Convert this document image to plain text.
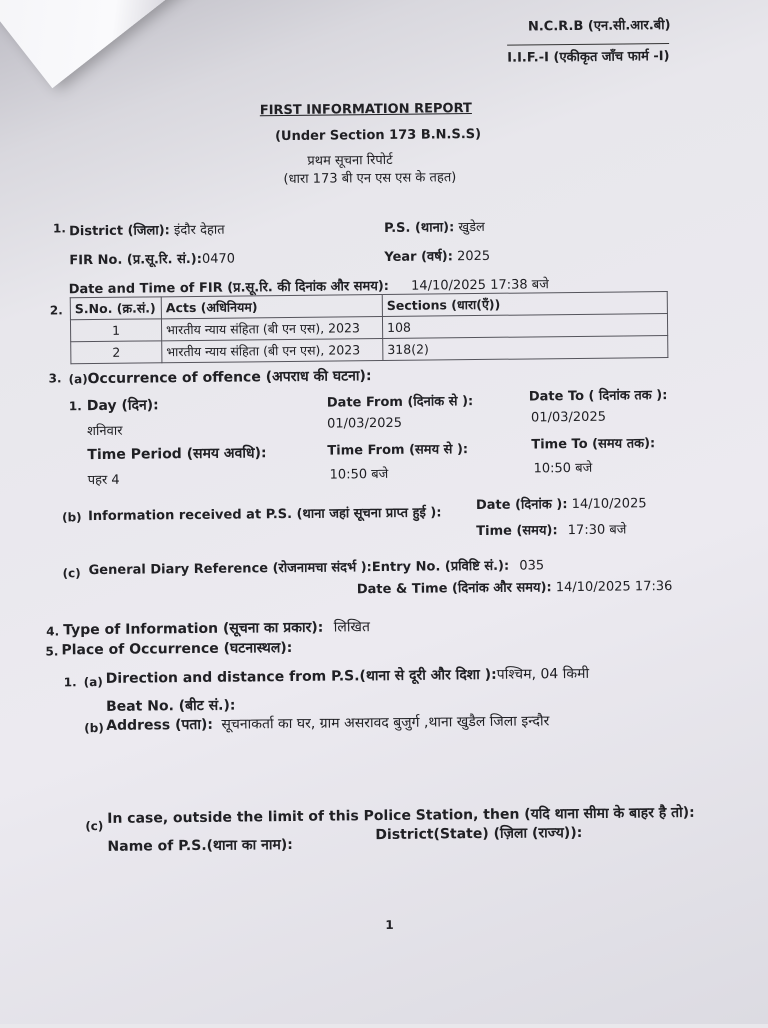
N.C.R.B (एन.सी.आर.बी)
I.I.F.-I (एकीकृत जाँच फार्म -I)
FIRST INFORMATION REPORT
(Under Section 173 B.N.S.S)
प्रथम सूचना रिपोर्ट
(धारा 173 बी एन एस एस के तहत)
1. District (जिला): इंदौर देहात	P.S. (थाना): खुडेल
FIR No. (प्र.सू.रि. सं.):0470	Year (वर्ष): 2025
Date and Time of FIR (प्र.सू.रि. की दिनांक और समय): 14/10/2025 17:38 बजे
2. S.No. (क्र.सं.)	Acts (अधिनियम)	Sections (धारा(एँ))
1	भारतीय न्याय संहिता (बी एन एस), 2023	108
2	भारतीय न्याय संहिता (बी एन एस), 2023	318(2)
3. (a) Occurrence of offence (अपराध की घटना):
1. Day (दिन):
शनिवार
Date From (दिनांक से ):
01/03/2025
Date To ( दिनांक तक ):
01/03/2025
Time Period (समय अवधि):
पहर 4
Time From (समय से ):
10:50 बजे
Time To (समय तक):
10:50 बजे
(b) Information received at P.S. (थाना जहां सूचना प्राप्त हुई ):
Date (दिनांक ): 14/10/2025
Time (समय): 17:30 बजे
(c) General Diary Reference (रोजनामचा संदर्भ ):Entry No. (प्रविष्टि सं.): 035
Date & Time (दिनांक और समय): 14/10/2025 17:36
4. Type of Information (सूचना का प्रकार): लिखित
5. Place of Occurrence (घटनास्थल):
1. (a) Direction and distance from P.S.(थाना से दूरी और दिशा ):पश्चिम, 04 किमी
Beat No. (बीट सं.):
(b) Address (पता): सूचनाकर्ता का घर, ग्राम असरावद बुजुर्ग ,थाना खुडैल जिला इन्दौर
(c) In case, outside the limit of this Police Station, then (यदि थाना सीमा के बाहर है तो):
Name of P.S.(थाना का नाम):
District(State) (ज़िला (राज्य)):
1
